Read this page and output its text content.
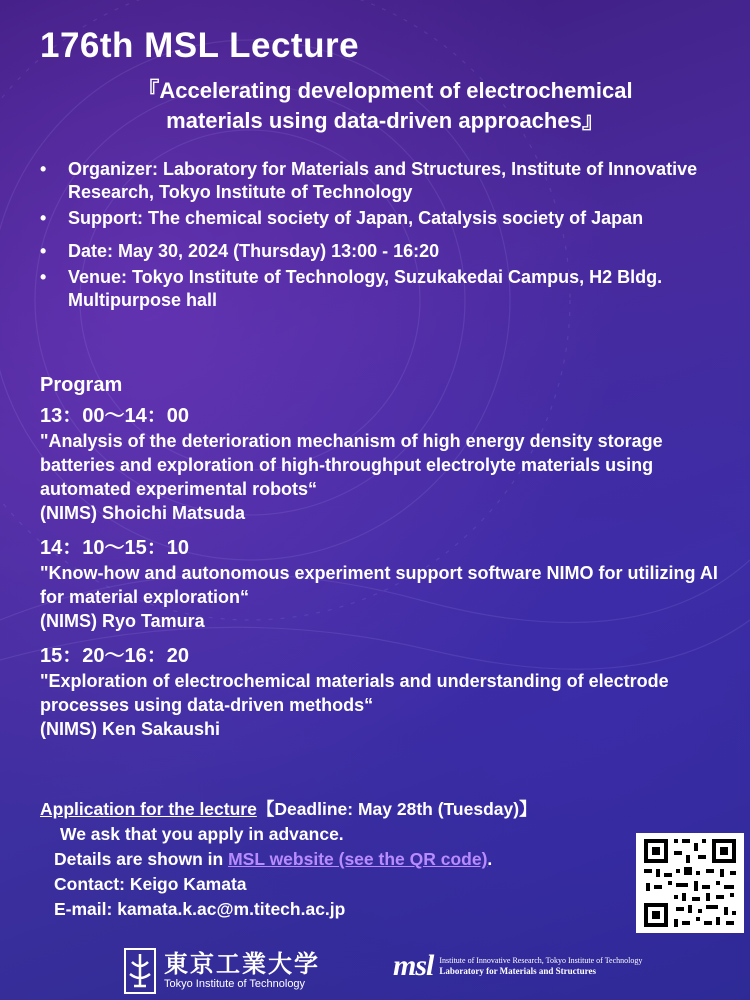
176th MSL Lecture
『Accelerating development of electrochemical
materials using data-driven approaches』
• Organizer: Laboratory for Materials and Structures, Institute of Innovative Research, Tokyo Institute of Technology
• Support: The chemical society of Japan, Catalysis society of Japan
• Date: May 30, 2024 (Thursday) 13:00 - 16:20
• Venue: Tokyo Institute of Technology, Suzukakedai Campus, H2 Bldg. Multipurpose hall
Program
13：00～14：00
"Analysis of the deterioration mechanism of high energy density storage batteries and exploration of high-throughput electrolyte materials using automated experimental robots“
(NIMS) Shoichi Matsuda
14：10～15：10
"Know-how and autonomous experiment support software NIMO for utilizing AI for material exploration“
(NIMS) Ryo Tamura
15：20～16：20
"Exploration of electrochemical materials and understanding of electrode processes using data-driven methods“
(NIMS) Ken Sakaushi
Application for the lecture【Deadline: May 28th (Tuesday)】
We ask that you apply in advance.
Details are shown in MSL website (see the QR code).
Contact: Keigo Kamata
E-mail: kamata.k.ac@m.titech.ac.jp
東京工業大学
Tokyo Institute of Technology
msl Institute of Innovative Research, Tokyo Institute of Technology
Laboratory for Materials and Structures
